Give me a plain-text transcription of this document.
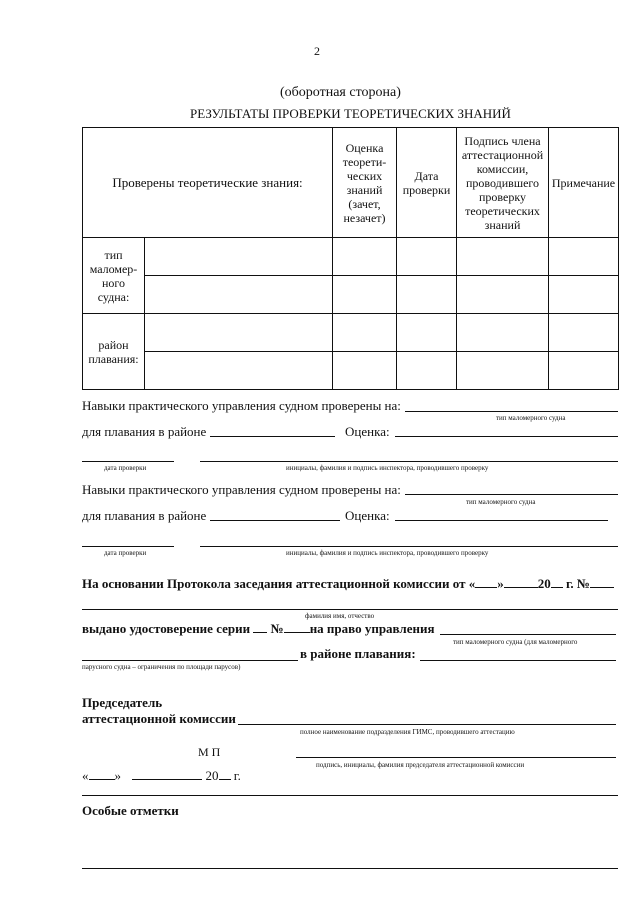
2
(оборотная сторона)
РЕЗУЛЬТАТЫ ПРОВЕРКИ ТЕОРЕТИЧЕСКИХ ЗНАНИЙ
Проверены теоретические знания:		Оценка теорети-ческих знаний (зачет, незачет)	Дата проверки	Подпись члена аттестационной комиссии, проводившего проверку теоретических знаний	Примечание

тип маломер-ного судна:					

район плавания:					

Навыки практического управления судном проверены на:
тип маломерного судна
для плавания в районе	Оценка:
дата проверки	инициалы, фамилия и подпись инспектора, проводившего проверку
Навыки практического управления судном проверены на:
тип маломерного судна
для плавания в районе	Оценка:
дата проверки	инициалы, фамилия и подпись инспектора, проводившего проверку
На основании Протокола заседания аттестационной комиссии от « »	20 г. №
фамилия имя, отчество
выдано удостоверение серии № на право управления
тип маломерного судна (для маломерного
в районе плавания:
парусного судна – ограничения по площади парусов)
Председатель
аттестационной комиссии
полное наименование подразделения ГИМС, проводившего аттестацию
М П
подпись, инициалы, фамилия председателя аттестационной комиссии
« »	20 г.
Особые отметки
